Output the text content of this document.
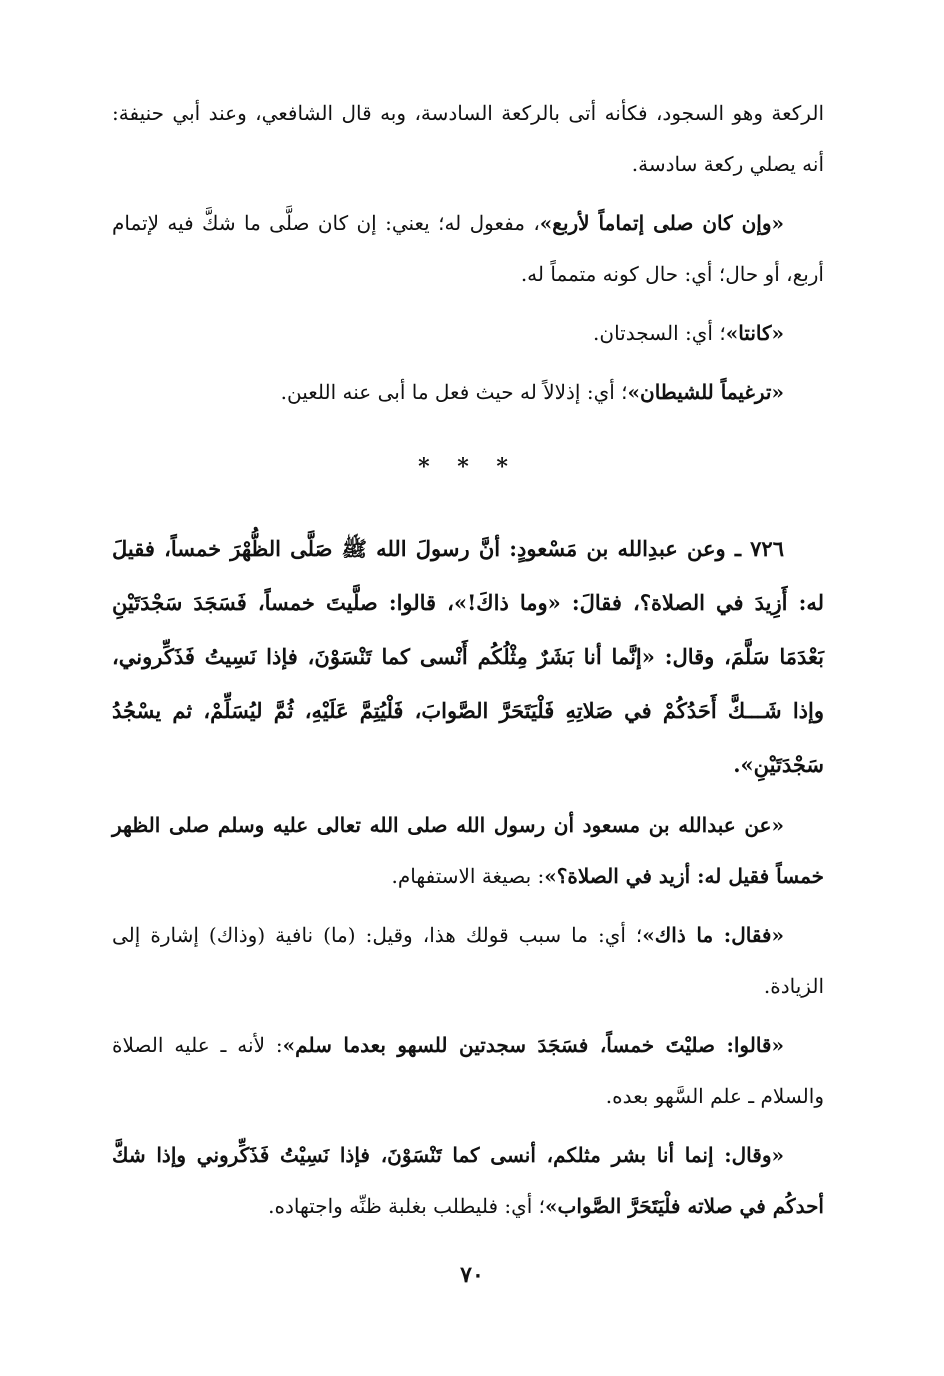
الركعة وهو السجود، فكأنه أتى بالركعة السادسة، وبه قال الشافعي، وعند أبي حنيفة: أنه يصلي ركعة سادسة.

«وإن كان صلى إتماماً لأربع»، مفعول له؛ يعني: إن كان صلَّى ما شكَّ فيه لإتمام أربع، أو حال؛ أي: حال كونه متمماً له.

«كانتا»؛ أي: السجدتان.

«ترغيماً للشيطان»؛ أي: إذلالاً له حيث فعل ما أبى عنه اللعين.

* * *

٧٢٦ ـ وعن عبدِالله بن مَسْعودٍ: أنَّ رسولَ الله ﷺ صَلَّى الظُّهْرَ خمساً، فقيلَ له: أَزِيدَ في الصلاة؟، فقالَ: «وما ذاكَ!»، قالوا: صلَّيتَ خمساً، فَسَجَدَ سَجْدَتَيْنِ بَعْدَمَا سَلَّمَ، وقال: «إنَّما أنا بَشَرٌ مِثْلُكُم أَنْسى كما تَنْسَوْنَ، فإذا نَسِيتُ فَذَكِّروني، وإذا شَـــكَّ أَحَدُكُمْ في صَلاتِهِ فَلْيَتَحَرَّ الصَّوابَ، فَلْيُتِمَّ عَلَيْهِ، ثُمَّ ليُسَلِّمْ، ثم يسْجُدُ سَجْدَتَيْنِ».

«عن عبدالله بن مسعود أن رسول الله صلى الله تعالى عليه وسلم صلى الظهر خمساً فقيل له: أزيد في الصلاة؟»: بصيغة الاستفهام.

«فقال: ما ذاك»؛ أي: ما سبب قولك هذا، وقيل: (ما) نافية (وذاك) إشارة إلى الزيادة.

«قالوا: صليْتَ خمساً، فسَجَدَ سجدتين للسهو بعدما سلم»: لأنه ـ عليه الصلاة والسلام ـ علم السَّهو بعده.

«وقال: إنما أنا بشر مثلكم، أنسى كما تَنْسَوْنَ، فإذا نَسِيْتُ فَذَكِّروني وإذا شكَّ أحدكُم في صلاته فلْيَتَحَرَّ الصَّواب»؛ أي: فليطلب بغلبة ظنِّه واجتهاده.

٧٠
